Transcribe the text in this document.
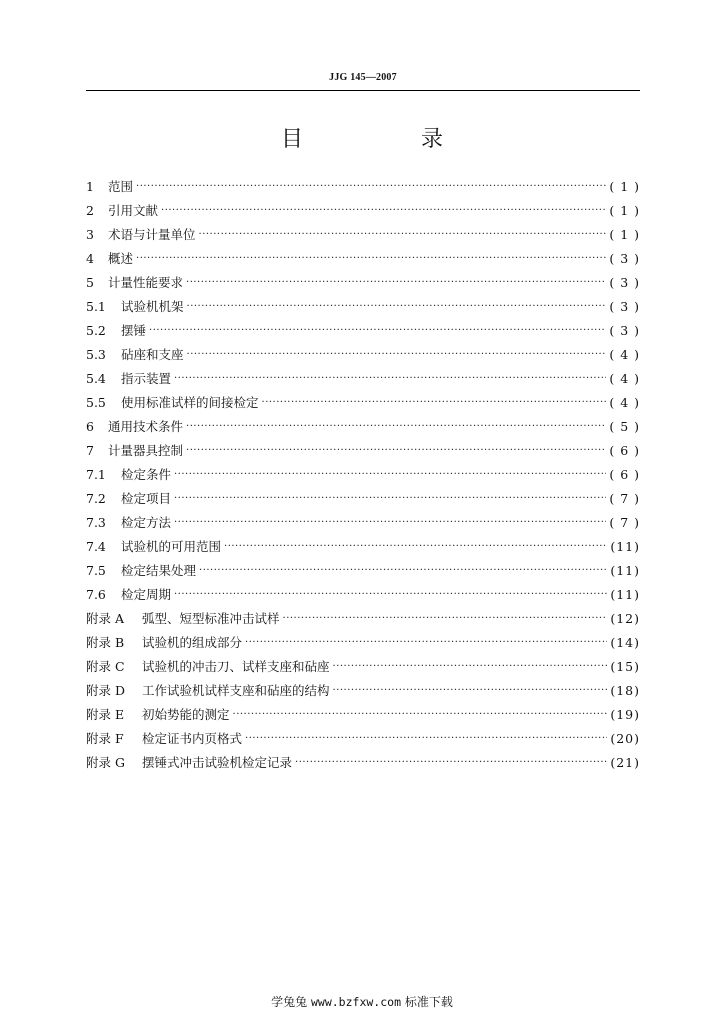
JJG 145—2007
目　录
1	范围 ·····	( 1 )
2	引用文献 ·····	( 1 )
3	术语与计量单位 ·····	( 1 )
4	概述 ·····	( 3 )
5	计量性能要求 ·····	( 3 )
5.1	试验机机架 ·····	( 3 )
5.2	摆锤 ·····	( 3 )
5.3	砧座和支座 ·····	( 4 )
5.4	指示装置 ·····	( 4 )
5.5	使用标准试样的间接检定 ·····	( 4 )
6	通用技术条件 ·····	( 5 )
7	计量器具控制 ·····	( 6 )
7.1	检定条件 ·····	( 6 )
7.2	检定项目 ·····	( 7 )
7.3	检定方法 ·····	( 7 )
7.4	试验机的可用范围 ·····	(11)
7.5	检定结果处理 ·····	(11)
7.6	检定周期 ·····	(11)
附录 A	弧型、短型标准冲击试样 ·····	(12)
附录 B	试验机的组成部分 ·····	(14)
附录 C	试验机的冲击刀、试样支座和砧座 ·····	(15)
附录 D	工作试验机试样支座和砧座的结构 ·····	(18)
附录 E	初始势能的测定 ·····	(19)
附录 F	检定证书内页格式 ·····	(20)
附录 G	摆锤式冲击试验机检定记录 ·····	(21)
学兔兔 www.bzfxw.com 标准下载
